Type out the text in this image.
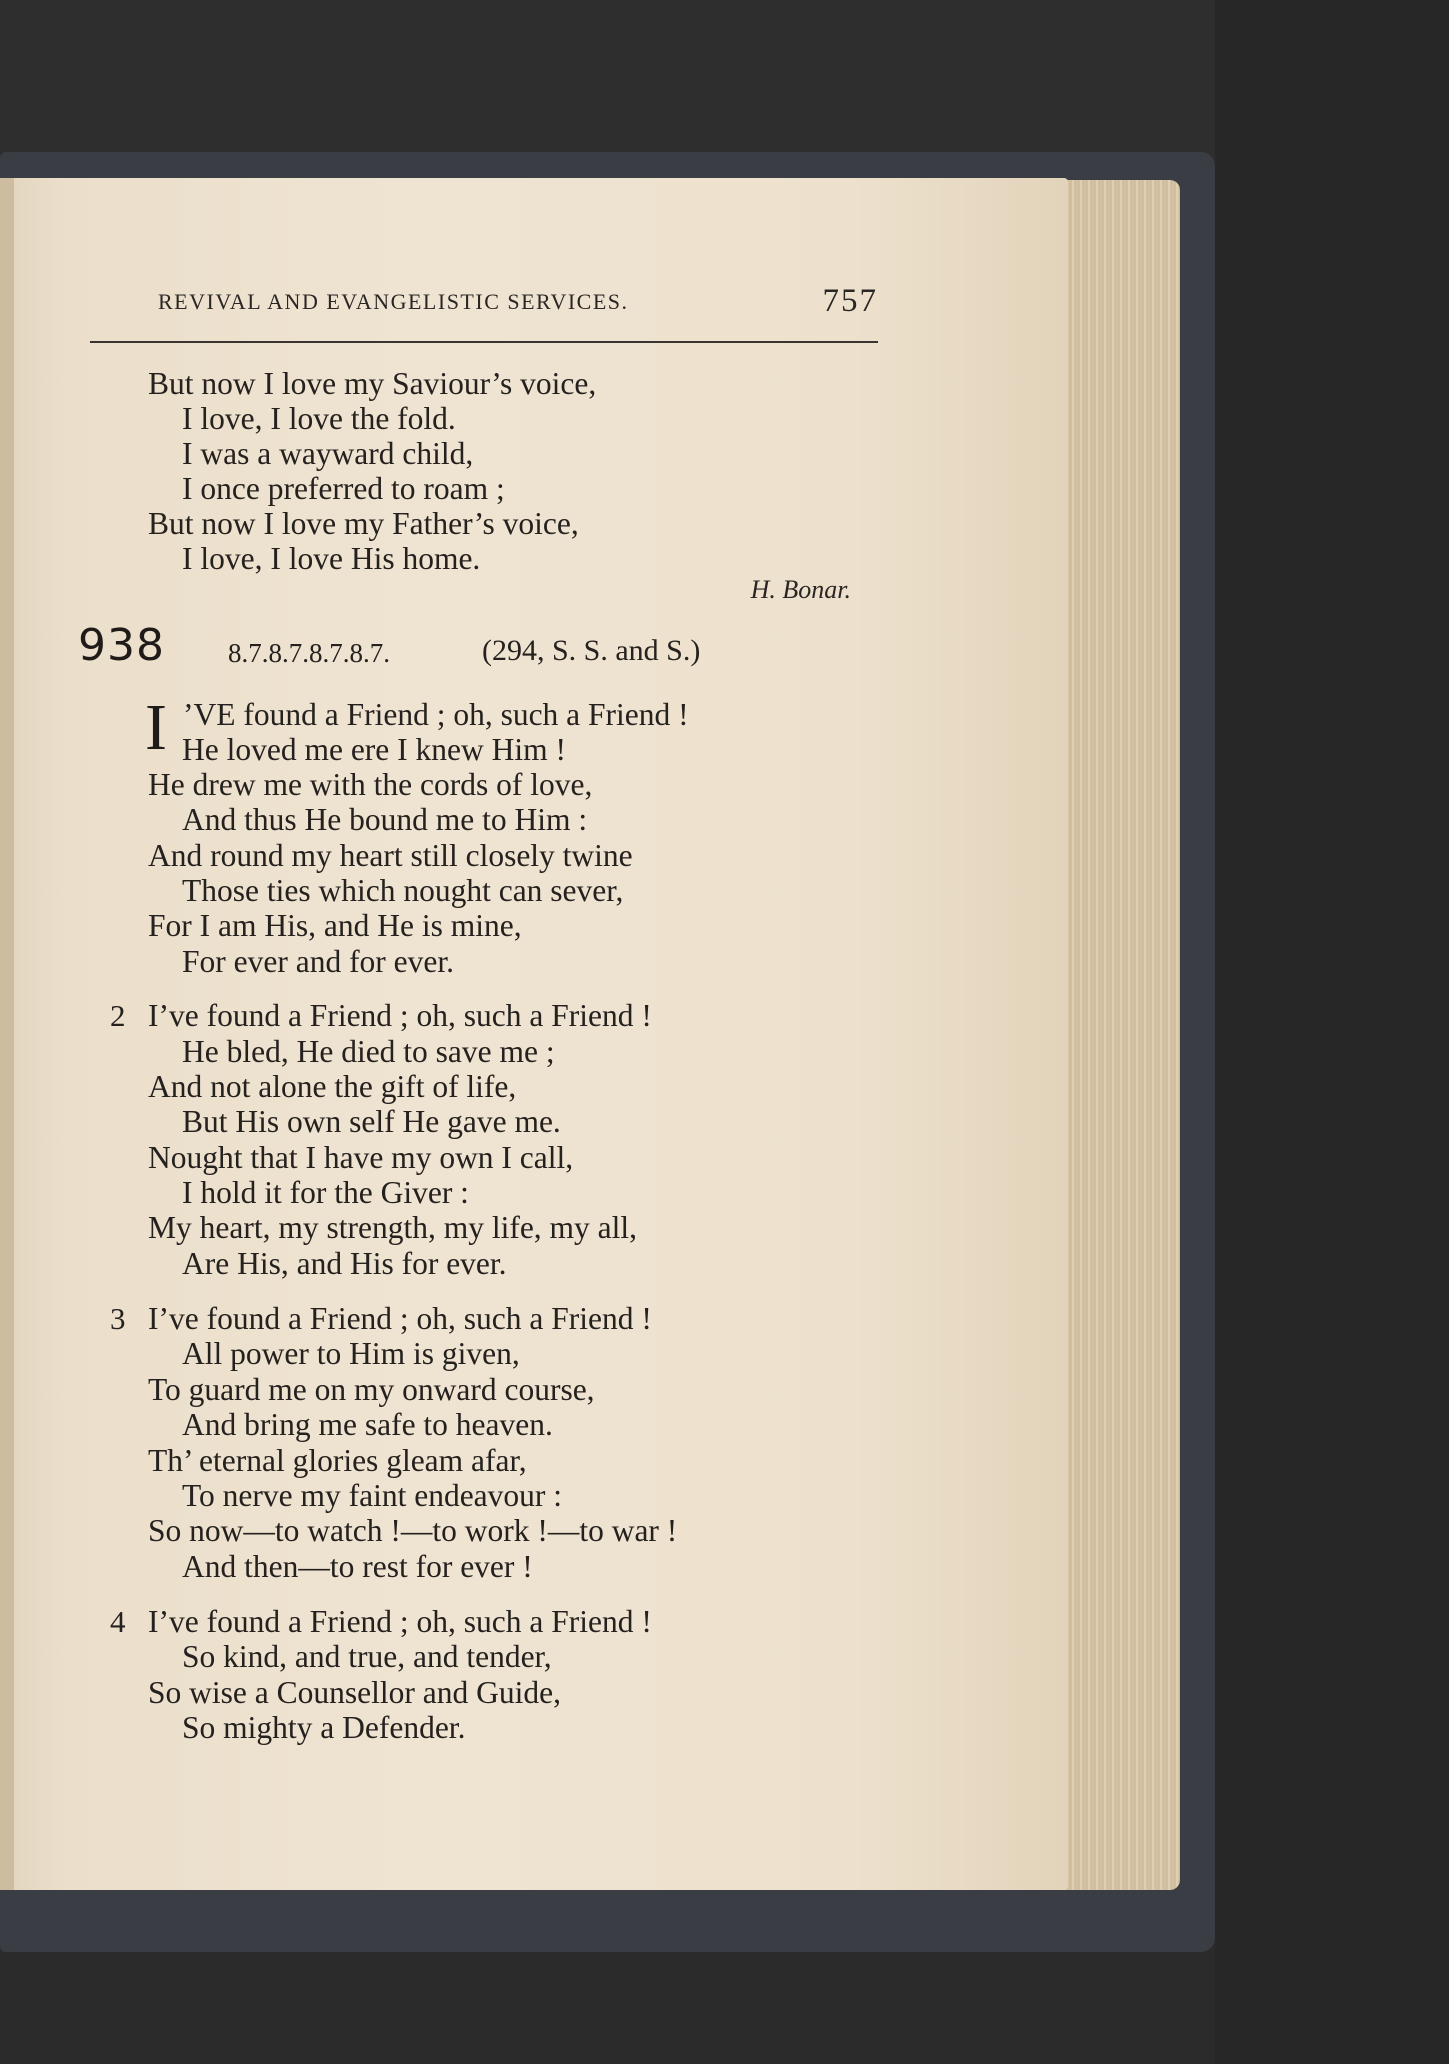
REVIVAL AND EVANGELISTIC SERVICES.	757
But now I love my Saviour’s voice,
I love, I love the fold.
I was a wayward child,
I once preferred to roam ;
But now I love my Father’s voice,
I love, I love His home.
H. Bonar.
938 8.7.8.7.8.7.8.7.	(294, S. S. and S.)
I ’VE found a Friend ; oh, such a Friend !
He loved me ere I knew Him !
He drew me with the cords of love,
And thus He bound me to Him :
And round my heart still closely twine
Those ties which nought can sever,
For I am His, and He is mine,
For ever and for ever.
2 I’ve found a Friend ; oh, such a Friend !
He bled, He died to save me ;
And not alone the gift of life,
But His own self He gave me.
Nought that I have my own I call,
I hold it for the Giver :
My heart, my strength, my life, my all,
Are His, and His for ever.
3 I’ve found a Friend ; oh, such a Friend !
All power to Him is given,
To guard me on my onward course,
And bring me safe to heaven.
Th’ eternal glories gleam afar,
To nerve my faint endeavour :
So now—to watch !—to work !—to war !
And then—to rest for ever !
4 I’ve found a Friend ; oh, such a Friend !
So kind, and true, and tender,
So wise a Counsellor and Guide,
So mighty a Defender.
